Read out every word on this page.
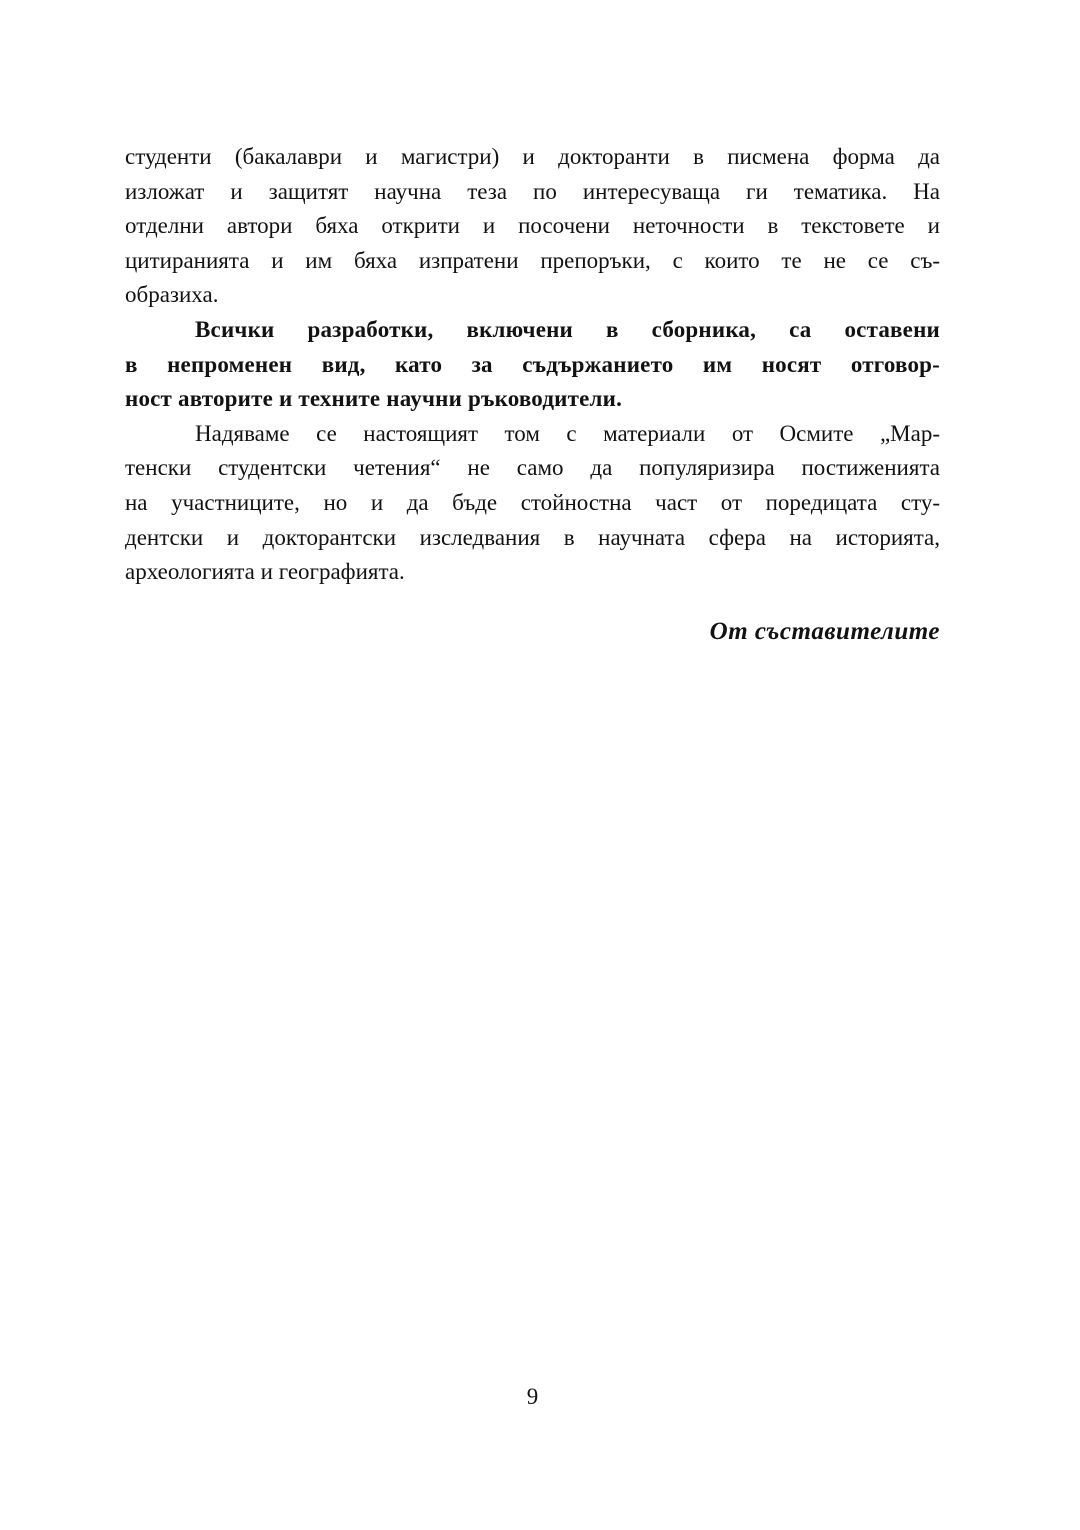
студенти (бакалаври и магистри) и докторанти в писмена форма да
изложат и защитят научна теза по интересуваща ги тематика. На
отделни автори бяха открити и посочени неточности в текстовете и
цитиранията и им бяха изпратени препоръки, с които те не се съ-
образиха.
Всички разработки, включени в сборника, са оставени
в непроменен вид, като за съдържанието им носят отговор-
ност авторите и техните научни ръководители.
Надяваме се настоящият том с материали от Осмите „Мар-
тенски студентски четения“ не само да популяризира постиженията
на участниците, но и да бъде стойностна част от поредицата сту-
дентски и докторантски изследвания в научната сфера на историята,
археологията и географията.
От съставителите
9
